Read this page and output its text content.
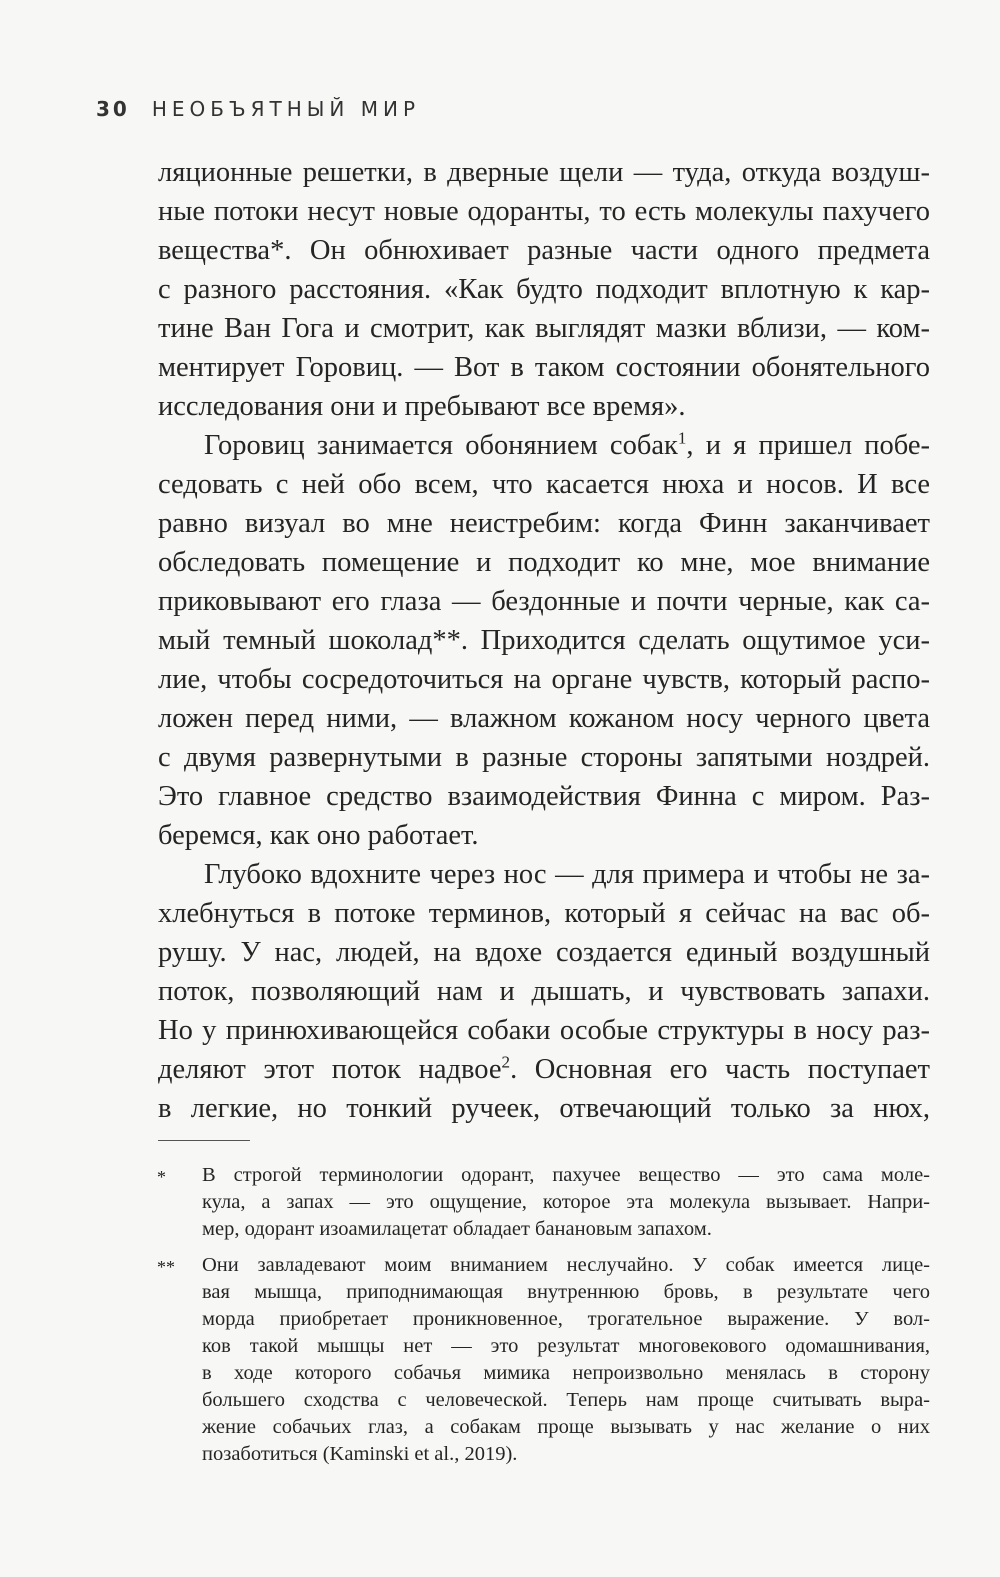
30 НЕОБЪЯТНЫЙ МИР
ляционные решетки, в дверные щели — туда, откуда воздуш-
ные потоки несут новые одоранты, то есть молекулы пахучего
вещества*. Он обнюхивает разные части одного предмета
с разного расстояния. «Как будто подходит вплотную к кар-
тине Ван Гога и смотрит, как выглядят мазки вблизи, — ком-
ментирует Горовиц. — Вот в таком состоянии обонятельного
исследования они и пребывают все время».
Горовиц занимается обонянием собак$^1$, и я пришел побе-
седовать с ней обо всем, что касается нюха и носов. И все
равно визуал во мне неистребим: когда Финн заканчивает
обследовать помещение и подходит ко мне, мое внимание
приковывают его глаза — бездонные и почти черные, как са-
мый темный шоколад**. Приходится сделать ощутимое уси-
лие, чтобы сосредоточиться на органе чувств, который распо-
ложен перед ними, — влажном кожаном носу черного цвета
с двумя развернутыми в разные стороны запятыми ноздрей.
Это главное средство взаимодействия Финна с миром. Раз-
беремся, как оно работает.
Глубоко вдохните через нос — для примера и чтобы не за-
хлебнуться в потоке терминов, который я сейчас на вас об-
рушу. У нас, людей, на вдохе создается единый воздушный
поток, позволяющий нам и дышать, и чувствовать запахи.
Но у принюхивающейся собаки особые структуры в носу раз-
деляют этот поток надвое$^2$. Основная его часть поступает
в легкие, но тонкий ручеек, отвечающий только за нюх,
* В строгой терминологии одорант, пахучее вещество — это сама моле-
кула, а запах — это ощущение, которое эта молекула вызывает. Напри-
мер, одорант изоамилацетат обладает банановым запахом.
** Они завладевают моим вниманием неслучайно. У собак имеется лице-
вая мышца, приподнимающая внутреннюю бровь, в результате чего
морда приобретает проникновенное, трогательное выражение. У вол-
ков такой мышцы нет — это результат многовекового одомашнивания,
в ходе которого собачья мимика непроизвольно менялась в сторону
большего сходства с человеческой. Теперь нам проще считывать выра-
жение собачьих глаз, а собакам проще вызывать у нас желание о них
позаботиться (Kaminski et al., 2019).
